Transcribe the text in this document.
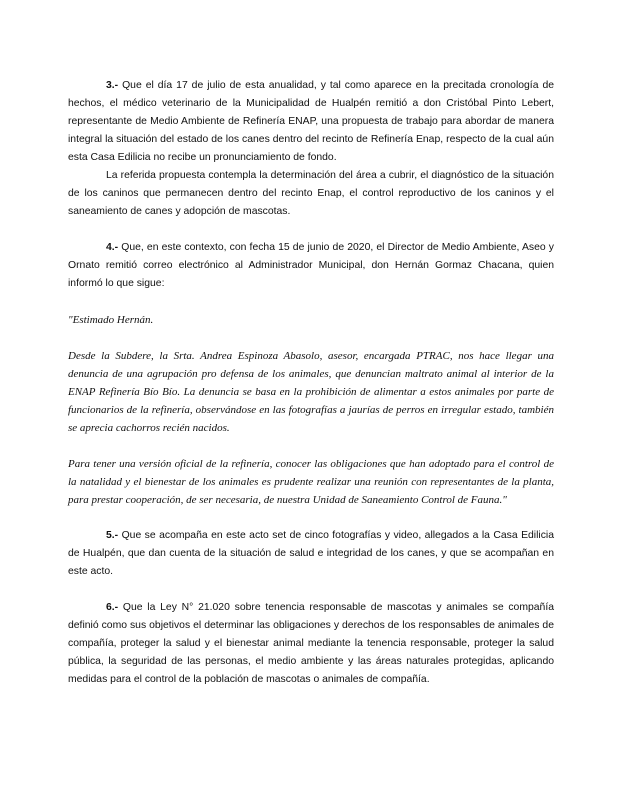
3.- Que el día 17 de julio de esta anualidad, y tal como aparece en la precitada cronología de hechos, el médico veterinario de la Municipalidad de Hualpén remitió a don Cristóbal Pinto Lebert, representante de Medio Ambiente de Refinería ENAP, una propuesta de trabajo para abordar de manera integral la situación del estado de los canes dentro del recinto de Refinería Enap, respecto de la cual aún esta Casa Edilicia no recibe un pronunciamiento de fondo.

La referida propuesta contempla la determinación del área a cubrir, el diagnóstico de la situación de los caninos que permanecen dentro del recinto Enap, el control reproductivo de los caninos y el saneamiento de canes y adopción de mascotas.

4.- Que, en este contexto, con fecha 15 de junio de 2020, el Director de Medio Ambiente, Aseo y Ornato remitió correo electrónico al Administrador Municipal, don Hernán Gormaz Chacana, quien informó lo que sigue:

"Estimado Hernán.

Desde la Subdere, la Srta. Andrea Espinoza Abasolo, asesor, encargada PTRAC, nos hace llegar una denuncia de una agrupación pro defensa de los animales, que denuncian maltrato animal al interior de la ENAP Refinería Bío Bío. La denuncia se basa en la prohibición de alimentar a estos animales por parte de funcionarios de la refinería, observándose en las fotografías a jaurías de perros en irregular estado, también se aprecia cachorros recién nacidos.

Para tener una versión oficial de la refinería, conocer las obligaciones que han adoptado para el control de la natalidad y el bienestar de los animales es prudente realizar una reunión con representantes de la planta, para prestar cooperación, de ser necesaria, de nuestra Unidad de Saneamiento Control de Fauna."

5.- Que se acompaña en este acto set de cinco fotografías y video, allegados a la Casa Edilicia de Hualpén, que dan cuenta de la situación de salud e integridad de los canes, y que se acompañan en este acto.

6.- Que la Ley N° 21.020 sobre tenencia responsable de mascotas y animales se compañía definió como sus objetivos el determinar las obligaciones y derechos de los responsables de animales de compañía, proteger la salud y el bienestar animal mediante la tenencia responsable, proteger la salud pública, la seguridad de las personas, el medio ambiente y las áreas naturales protegidas, aplicando medidas para el control de la población de mascotas o animales de compañía.
